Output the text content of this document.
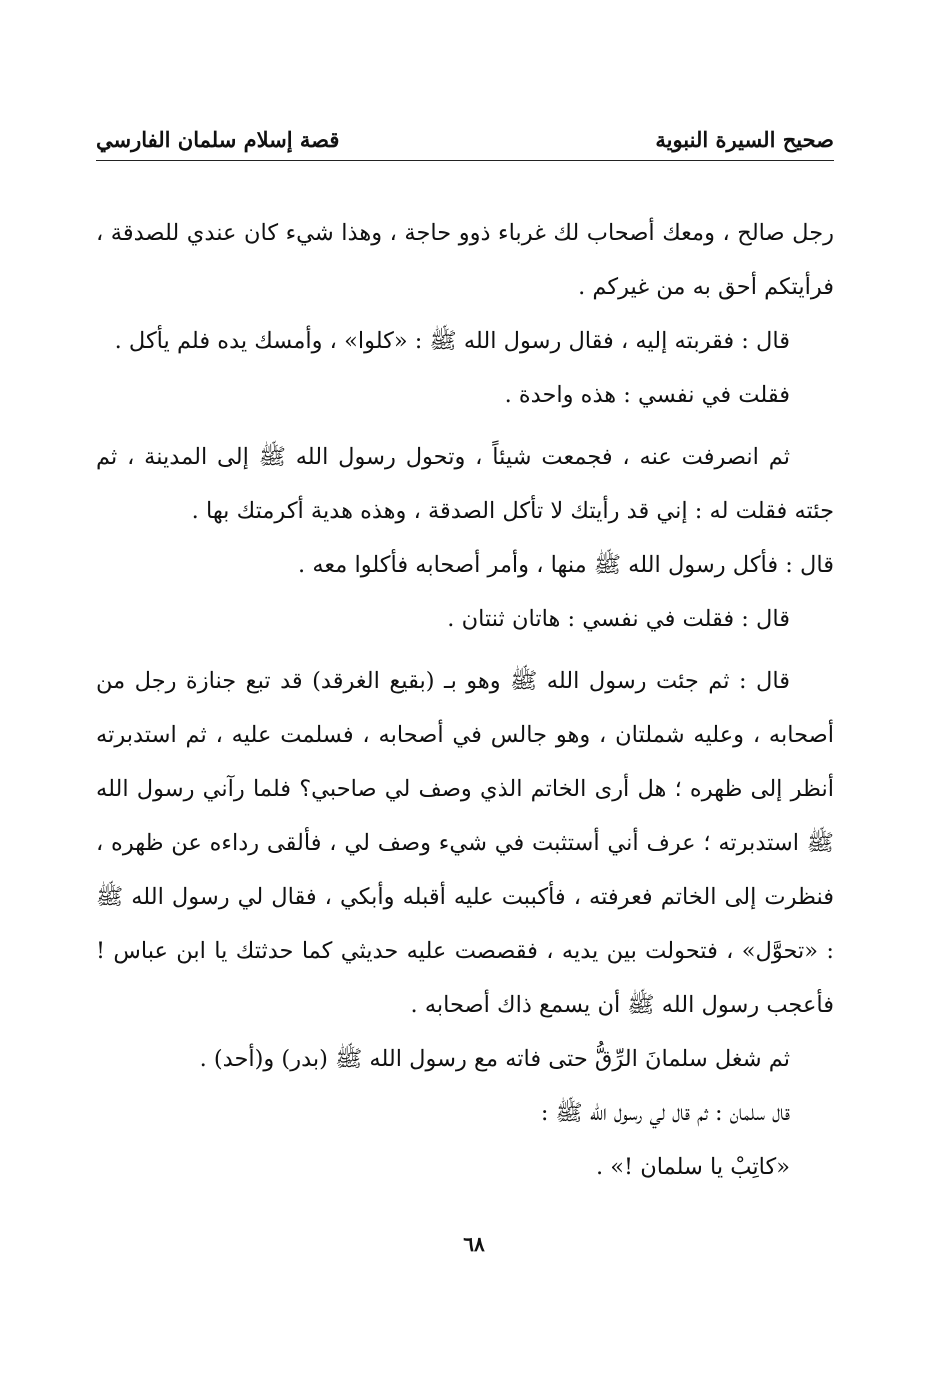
صحيح السيرة النبوية
قصة إسلام سلمان الفارسي

رجل صالح ، ومعك أصحاب لك غرباء ذوو حاجة ، وهذا شيء كان عندي للصدقة ، فرأيتكم أحق به من غيركم .

قال : فقربته إليه ، فقال رسول الله ﷺ : «كلوا» ، وأمسك يده فلم يأكل .

فقلت في نفسي : هذه واحدة .

ثم انصرفت عنه ، فجمعت شيئاً ، وتحول رسول الله ﷺ إلى المدينة ، ثم جئته فقلت له : إني قد رأيتك لا تأكل الصدقة ، وهذه هدية أكرمتك بها .

قال : فأكل رسول الله ﷺ منها ، وأمر أصحابه فأكلوا معه .

قال : فقلت في نفسي : هاتان ثنتان .

قال : ثم جئت رسول الله ﷺ وهو بـ (بقيع الغرقد) قد تبع جنازة رجل من أصحابه ، وعليه شملتان ، وهو جالس في أصحابه ، فسلمت عليه ، ثم استدبرته أنظر إلى ظهره ؛ هل أرى الخاتم الذي وصف لي صاحبي؟ فلما رآني رسول الله ﷺ استدبرته ؛ عرف أني أستثبت في شيء وصف لي ، فألقى رداءه عن ظهره ، فنظرت إلى الخاتم فعرفته ، فأكببت عليه أقبله وأبكي ، فقال لي رسول الله ﷺ : «تحوَّل» ، فتحولت بين يديه ، فقصصت عليه حديثي كما حدثتك يا ابن عباس ! فأعجب رسول الله ﷺ أن يسمع ذاك أصحابه .

ثم شغل سلمانَ الرِّقُّ حتى فاته مع رسول الله ﷺ (بدر) و(أحد) .

قال سلمان : ثم قال لي رسول الله ﷺ :

«كاتِبْ يا سلمان !» .

٦٨
